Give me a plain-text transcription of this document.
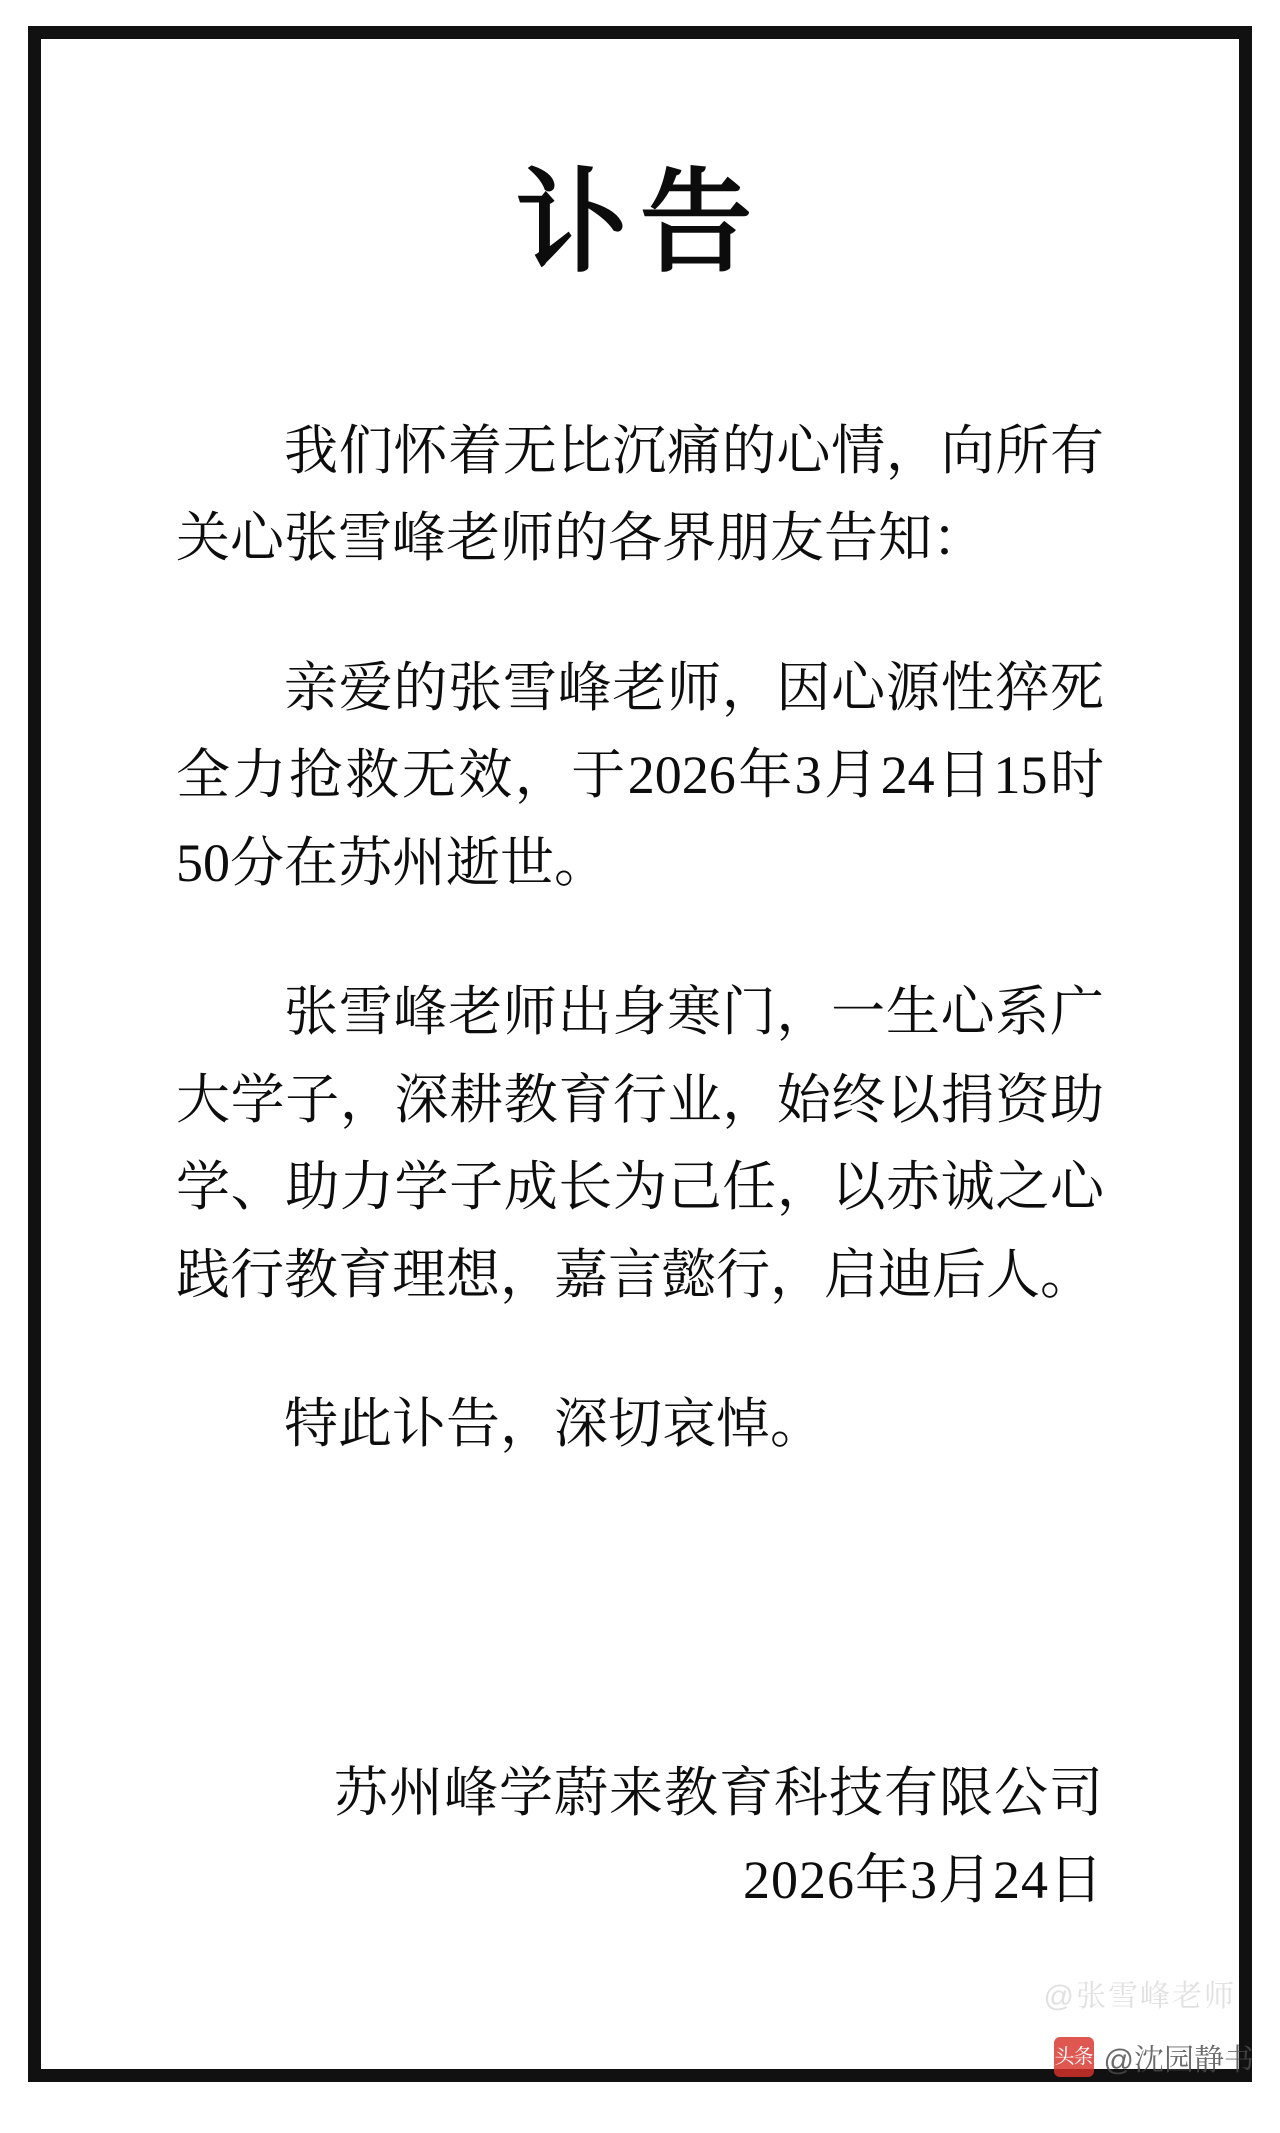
讣告

我们怀着无比沉痛的心情，向所有关心张雪峰老师的各界朋友告知：

亲爱的张雪峰老师，因心源性猝死全力抢救无效，于2026年3月24日15时50分在苏州逝世。

张雪峰老师出身寒门，一生心系广大学子，深耕教育行业，始终以捐资助学、助力学子成长为己任，以赤诚之心践行教育理想，嘉言懿行，启迪后人。

特此讣告，深切哀悼。

苏州峰学蔚来教育科技有限公司
2026年3月24日
@张雪峰老师
头条 @沈园静书
